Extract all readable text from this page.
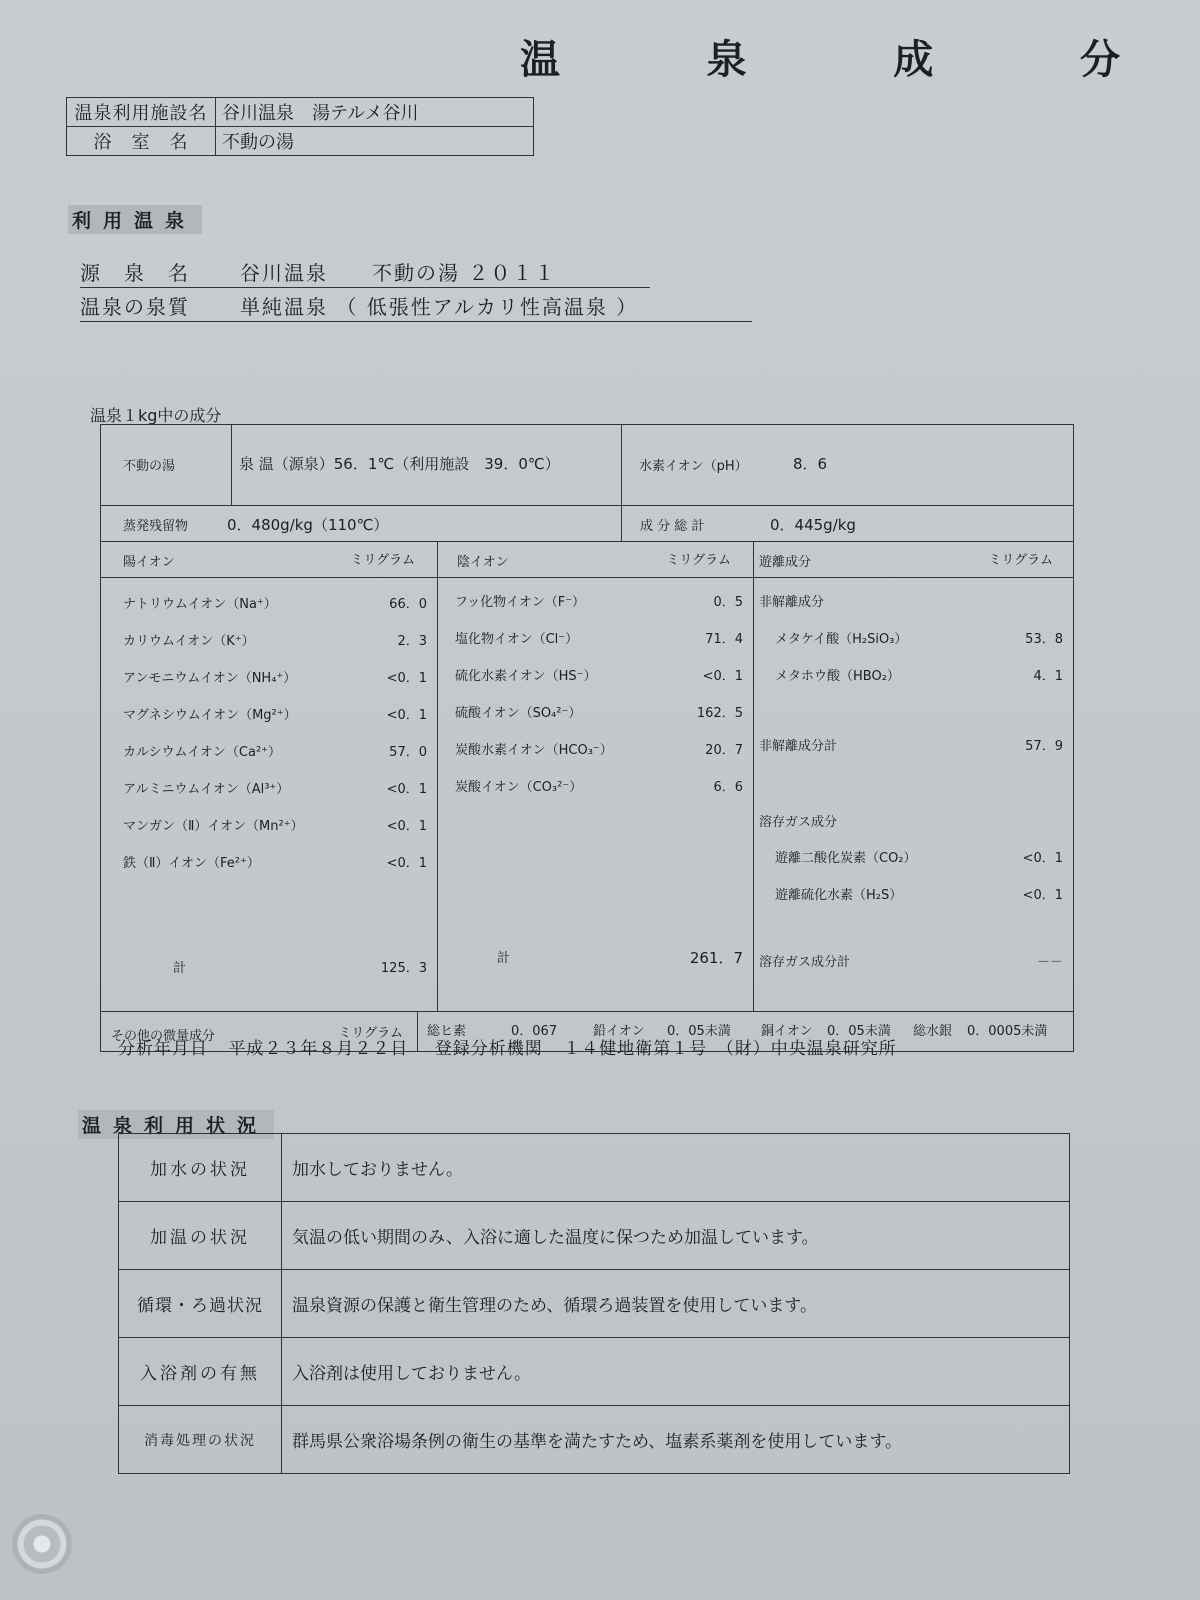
温	泉	成	分
温泉利用施設名	谷川温泉　湯テルメ谷川
浴　室　名	不動の湯
利用温泉
源　泉　名	谷川温泉　　不動の湯 ２０１１
温泉の泉質	単純温泉 （ 低張性アルカリ性高温泉 ）
温泉１kg中の成分
不動の湯	泉 温（源泉）56．1℃（利用施設　39．0℃）	水素イオン（pH）	8．6
蒸発残留物	0．480g/kg（110℃）	成 分 総 計	0．445g/kg
陽イオン	ミリグラム
ナトリウムイオン（Na⁺）	66．0
カリウムイオン（K⁺）	2．3
アンモニウムイオン（NH₄⁺）	<0．1
マグネシウムイオン（Mg²⁺）	<0．1
カルシウムイオン（Ca²⁺）	57．0
アルミニウムイオン（Al³⁺）	<0．1
マンガン（Ⅱ）イオン（Mn²⁺）	<0．1
鉄（Ⅱ）イオン（Fe²⁺）	<0．1
計	125．3
陰イオン	ミリグラム
フッ化物イオン（F⁻）	0．5
塩化物イオン（Cl⁻）	71．4
硫化水素イオン（HS⁻）	<0．1
硫酸イオン（SO₄²⁻）	162．5
炭酸水素イオン（HCO₃⁻）	20．7
炭酸イオン（CO₃²⁻）	6．6
計	261．7
遊離成分	ミリグラム
非解離成分
メタケイ酸（H₂SiO₃）	53．8
メタホウ酸（HBO₂）	4．1
非解離成分計	57．9
溶存ガス成分
遊離二酸化炭素（CO₂）	<0．1
遊離硫化水素（H₂S）	<0．1
溶存ガス成分計	－－
その他の微量成分	ミリグラム 総ヒ素	0．067	鉛イオン 0．05未満 銅イオン 0．05未満 総水銀 0．0005未満
分析年月日 平成２３年８月２２日 登録分析機関 １４健地衛第１号　（財）中央温泉研究所
温泉利用状況
加水の状況	加水しておりません。
加温の状況	気温の低い期間のみ、入浴に適した温度に保つため加温しています。
循環・ろ過状況	温泉資源の保護と衛生管理のため、循環ろ過装置を使用しています。
入浴剤の有無	入浴剤は使用しておりません。
消毒処理の状況	群馬県公衆浴場条例の衛生の基準を満たすため、塩素系薬剤を使用しています。
